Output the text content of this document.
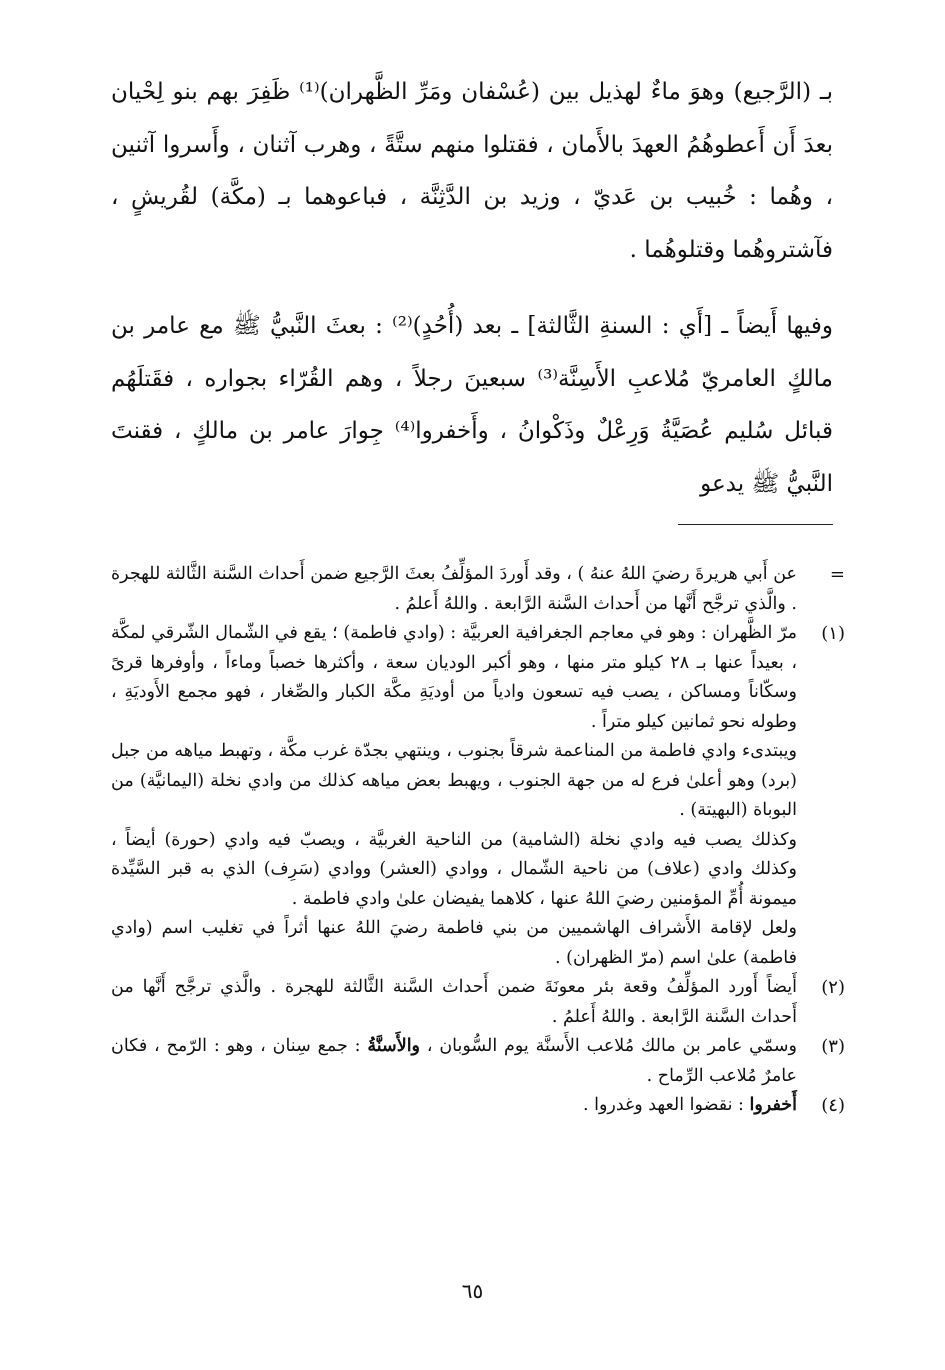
بـ (الرَّجيع) وهوَ ماءٌ لهذيل بين (عُسْفان ومَرِّ الظَّهران)⁽¹⁾ ظَفِرَ بهم بنو لِحْيان بعدَ أَن أَعطوهُمُ العهدَ بالأَمان ، فقتلوا منهم ستَّةً ، وهرب آثنان ، وأَسروا آثنين ، وهُما : خُبيب بن عَديّ ، وزيد بن الدَّثِنَّة ، فباعوهما بـ (مكَّة) لقُريشٍ ، فآشتروهُما وقتلوهُما .

وفيها أَيضاً ـ [أَي : السنةِ الثَّالثة] ـ بعد (أُحُدٍ)⁽²⁾ : بعثَ النَّبيُّ ﷺ مع عامر بن مالكٍ العامريّ مُلاعبِ الأَسِنَّة⁽³⁾ سبعينَ رجلاً ، وهم القُرّاء بجواره ، فقَتلَهُم قبائل سُليم عُصَيَّةُ وَرِعْلٌ وذَكْوانُ ، وأَخفروا⁽⁴⁾ جِوارَ عامر بن مالكٍ ، فقنتَ النَّبيُّ ﷺ يدعو

=

عن أَبي هريرةَ رضيَ اللهُ عنهُ ) ، وقد أَوردَ المؤلِّفُ بعثَ الرَّجيع ضمن أَحداث السَّنة الثَّالثة للهجرة . والَّذي ترجَّح أَنَّها من أَحداث السَّنة الرَّابعة . واللهُ أَعلمُ .

(١)

مرّ الظَّهران : وهو في معاجم الجغرافية العربيَّة : (وادي فاطمة) ؛ يقع في الشّمال الشّرقي لمكَّة ، بعيداً عنها بـ ٢٨ كيلو متر منها ، وهو أكبر الوديان سعة ، وأكثرها خصباً وماءاً ، وأوفرها قرىً وسكّاناً ومساكن ، يصب فيه تسعون وادياً من أوديَةِ مكَّة الكبار والصِّغار ، فهو مجمع الأَوديَةِ ، وطوله نحو ثمانين كيلو متراً .

ويبتدىء وادي فاطمة من المناعمة شرقاً بجنوب ، وينتهي بجدّة غرب مكَّة ، وتهبط مياهه من جبل (برد) وهو أعلىٰ فرع له من جهة الجنوب ، ويهبط بعض مياهه كذلك من وادي نخلة (اليمانيَّة) من البوباة (البهيتة) .

وكذلك يصب فيه وادي نخلة (الشامية) من الناحية الغربيَّة ، ويصبّ فيه وادي (حورة) أيضاً ، وكذلك وادي (علاف) من ناحية الشّمال ، ووادي (العشر) ووادي (سَرِف) الذي به قبر السَّيِّدة ميمونة أُمِّ المؤمنين رضيَ اللهُ عنها ، كلاهما يفيضان علىٰ وادي فاطمة .

ولعل لإقامة الأَشراف الهاشميين من بني فاطمة رضيَ اللهُ عنها أثراً في تغليب اسم (وادي فاطمة) علىٰ اسم (مرّ الظهران) .

(٢)

أَيضاً أَورد المؤلِّفُ وقعة بئر معونَةَ ضمن أَحداث السَّنة الثَّالثة للهجرة . والَّذي ترجَّح أَنَّها من أَحداث السَّنة الرَّابعة . واللهُ أَعلمُ .

(٣)

وسمّي عامر بن مالك مُلاعب الأَسنَّة يوم السُّوبان ، والأَسنَّةُ : جمع سِنان ، وهو : الرّمح ، فكان عامرٌ مُلاعب الرِّماح .

(٤)

أَخفروا : نقضوا العهد وغدروا .

٦٥
